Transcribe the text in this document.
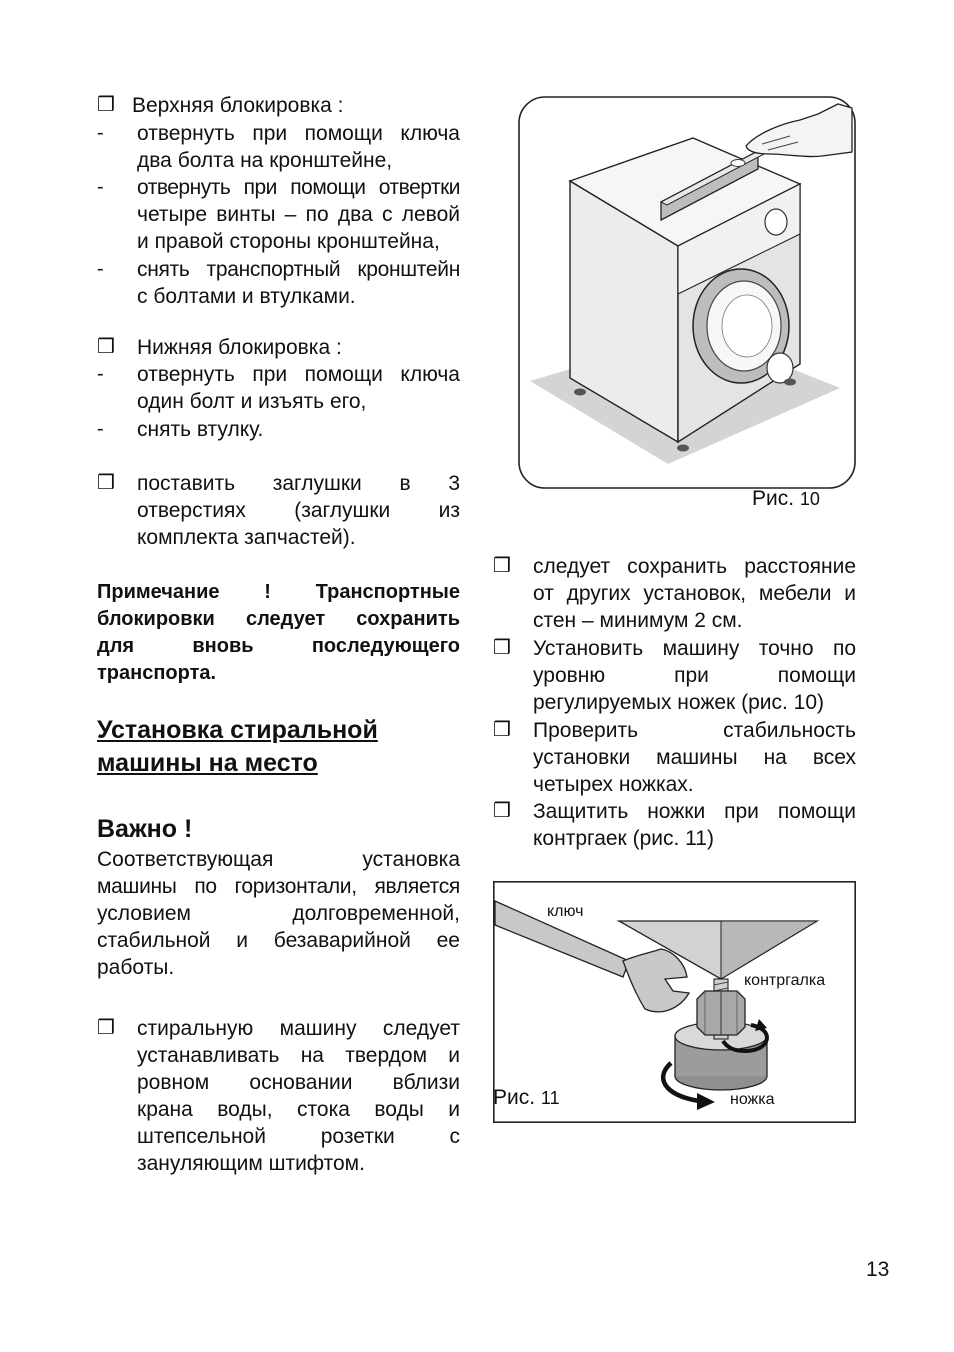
❒ Верхняя блокировка :
- отвернуть при помощи ключа
два болта на кронштейне,
- отвернуть при помощи отвертки
четыре винты – по два с левой
и правой стороны кронштейна,
- снять транспортный кронштейн
с болтами и втулками.
❒ Нижняя блокировка :
- отвернуть при помощи ключа
один болт и изъять его,
- снять втулку.
❒ поставить заглушки в 3
отверстиях (заглушки из
комплекта запчастей).
Примечание ! Транспортные
блокировки следует сохранить
для вновь последующего
транспорта.
Установка стиральной
машины на место
Важно !
Соответствующая установка
машины по горизонтали, является
условием долговременной,
стабильной и безаварийной ее
работы.
❒ стиральную машину следует
устанавливать на твердом и
ровном основании вблизи
крана воды, стока воды и
штепсельной розетки с
зануляющим штифтом.
Рис. 10
❒ следует сохранить расстояние
от других установок, мебели и
стен – минимум 2 см.
❒ Установить машину точно по
уровню при помощи
регулируемых ножек (рис. 10)
❒ Проверить стабильность
установки машины на всех
четырех ножках.
❒ Защитить ножки при помощи
контргаек (рис. 11)
ключ
контргалка
ножка
Рис. 11
13
